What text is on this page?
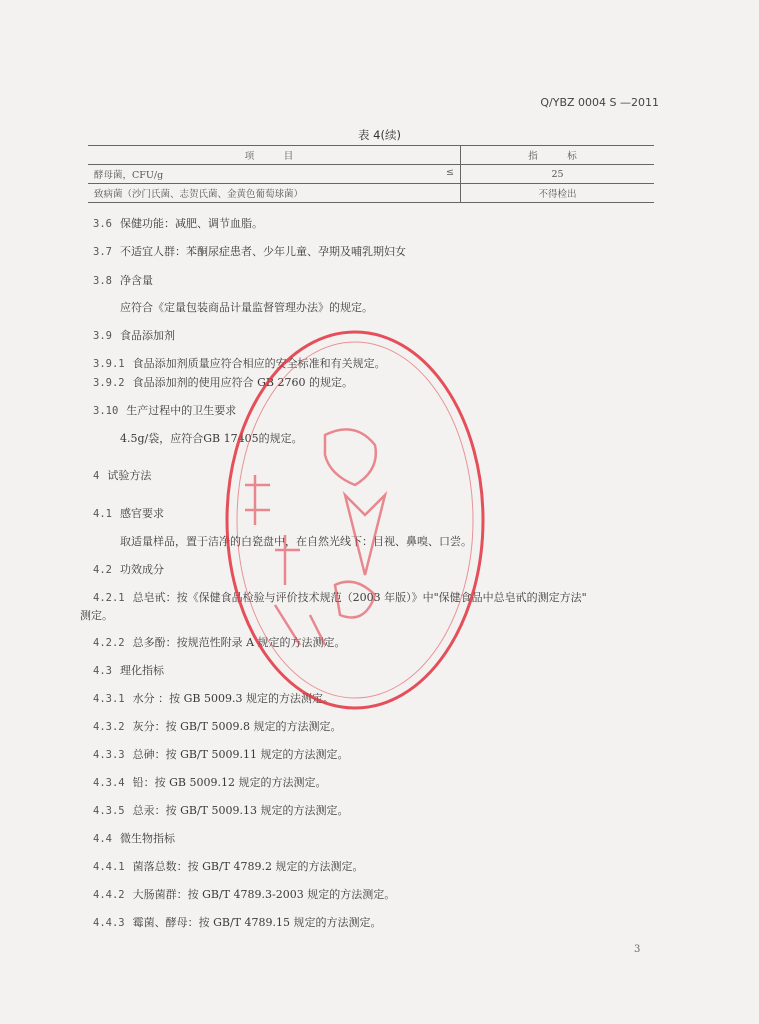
Q/YBZ 0004 S —2011
表 4(续)
项　目	指　标
酵母菌，CFU/g ≤	25
致病菌（沙门氏菌、志贺氏菌、金黄色葡萄球菌）	不得检出
3.6 保健功能：减肥、调节血脂。
3.7 不适宜人群：苯酮尿症患者、少年儿童、孕期及哺乳期妇女
3.8 净含量
应符合《定量包装商品计量监督管理办法》的规定。
3.9 食品添加剂
3.9.1 食品添加剂质量应符合相应的安全标准和有关规定。
3.9.2 食品添加剂的使用应符合 GB 2760 的规定。
3.10 生产过程中的卫生要求
4.5g/袋，应符合GB 17405的规定。
4 试验方法
4.1 感官要求
取适量样品，置于洁净的白瓷盘中，在自然光线下：目视、鼻嗅、口尝。
4.2 功效成分
4.2.1 总皂甙：按《保健食品检验与评价技术规范（2003 年版）》中"保健食品中总皂甙的测定方法"
测定。
4.2.2 总多酚：按规范性附录 A 规定的方法测定。
4.3 理化指标
4.3.1 水分 ：按 GB 5009.3 规定的方法测定。
4.3.2 灰分：按 GB/T 5009.8 规定的方法测定。
4.3.3 总砷：按 GB/T 5009.11 规定的方法测定。
4.3.4 铅：按 GB 5009.12 规定的方法测定。
4.3.5 总汞：按 GB/T 5009.13 规定的方法测定。
4.4 微生物指标
4.4.1 菌落总数：按 GB/T 4789.2 规定的方法测定。
4.4.2 大肠菌群：按 GB/T 4789.3-2003 规定的方法测定。
4.4.3 霉菌、酵母：按 GB/T 4789.15 规定的方法测定。
3
